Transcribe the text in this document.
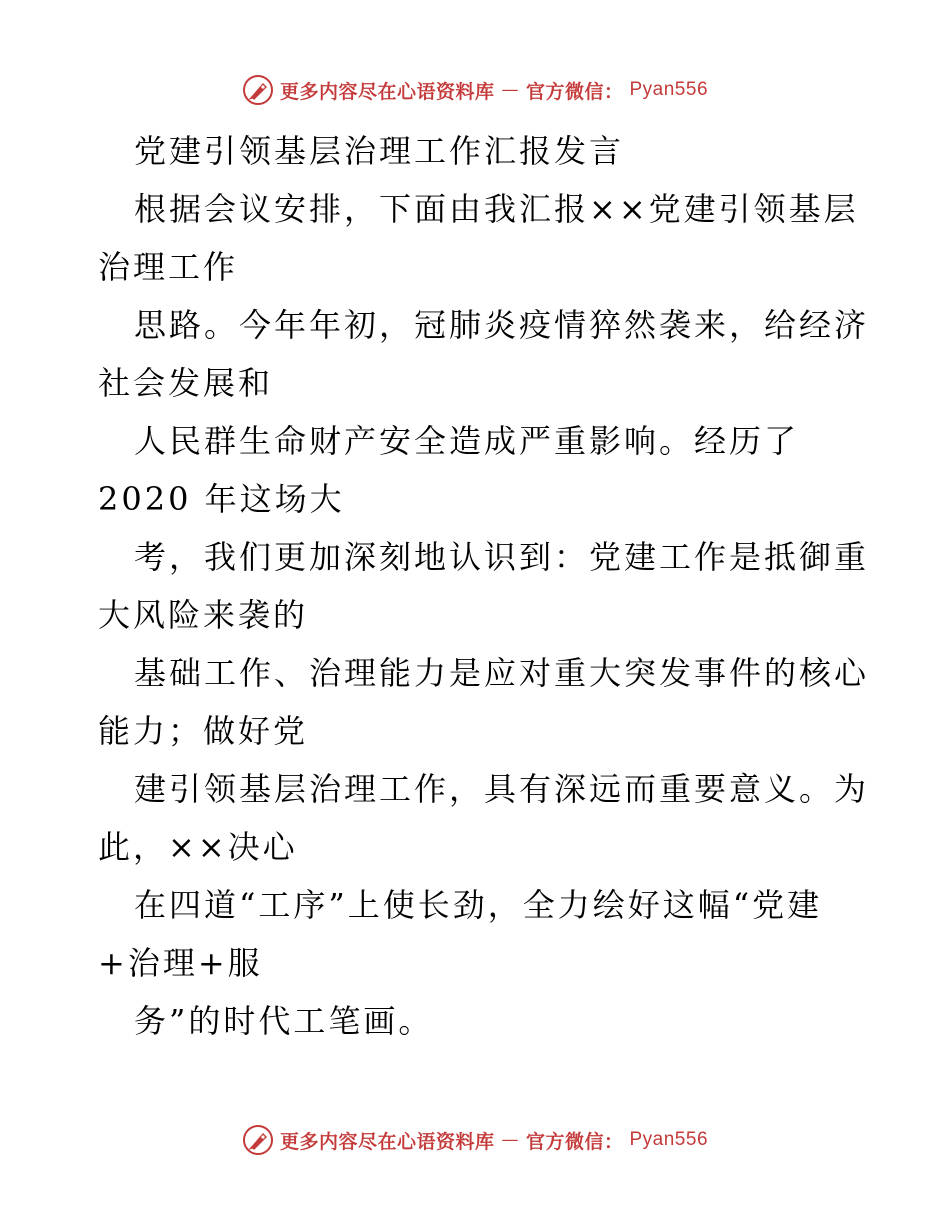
更多内容尽在心语资料库 — 官方微信： Pyan556
党建引领基层治理工作汇报发言
根据会议安排，下面由我汇报××党建引领基层
治理工作
思路。今年年初，冠肺炎疫情猝然袭来，给经济
社会发展和
人民群生命财产安全造成严重影响。经历了
2020 年这场大
考，我们更加深刻地认识到：党建工作是抵御重
大风险来袭的
基础工作、治理能力是应对重大突发事件的核心
能力；做好党
建引领基层治理工作，具有深远而重要意义。为
此，××决心
在四道“工序”上使长劲，全力绘好这幅“党建
+治理+服
务”的时代工笔画。
更多内容尽在心语资料库 — 官方微信： Pyan556
